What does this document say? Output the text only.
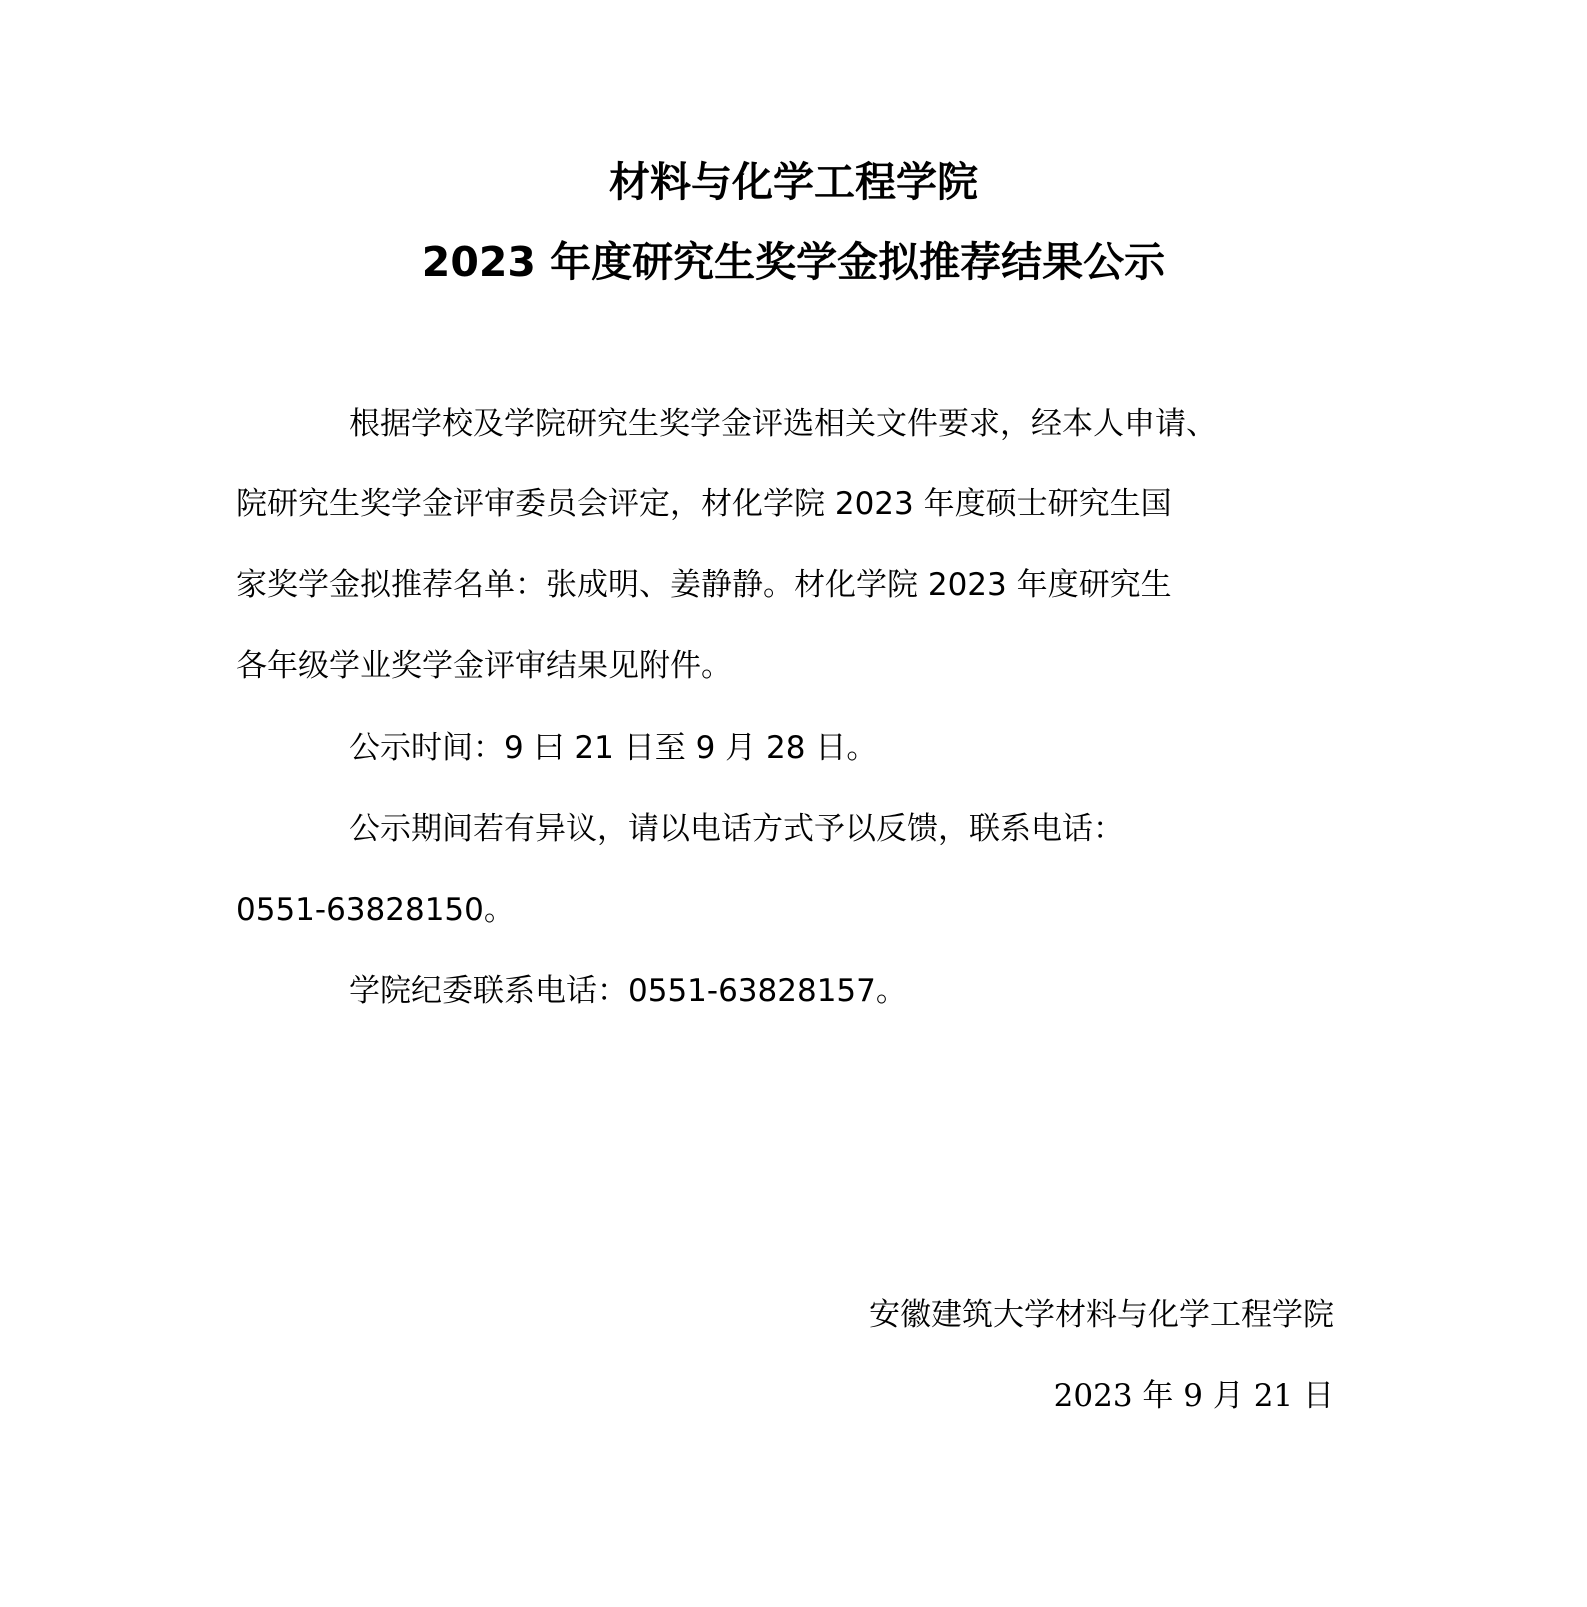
材料与化学工程学院
2023 年度研究生奖学金拟推荐结果公示
根据学校及学院研究生奖学金评选相关文件要求，经本人申请、
院研究生奖学金评审委员会评定，材化学院 2023 年度硕士研究生国
家奖学金拟推荐名单：张成明、姜静静。材化学院 2023 年度研究生
各年级学业奖学金评审结果见附件。
公示时间：9 曰 21 日至 9 月 28 日。
公示期间若有异议，请以电话方式予以反馈，联系电话：
0551-63828150。
学院纪委联系电话：0551-63828157。
安徽建筑大学材料与化学工程学院
2023 年 9 月 21 日
